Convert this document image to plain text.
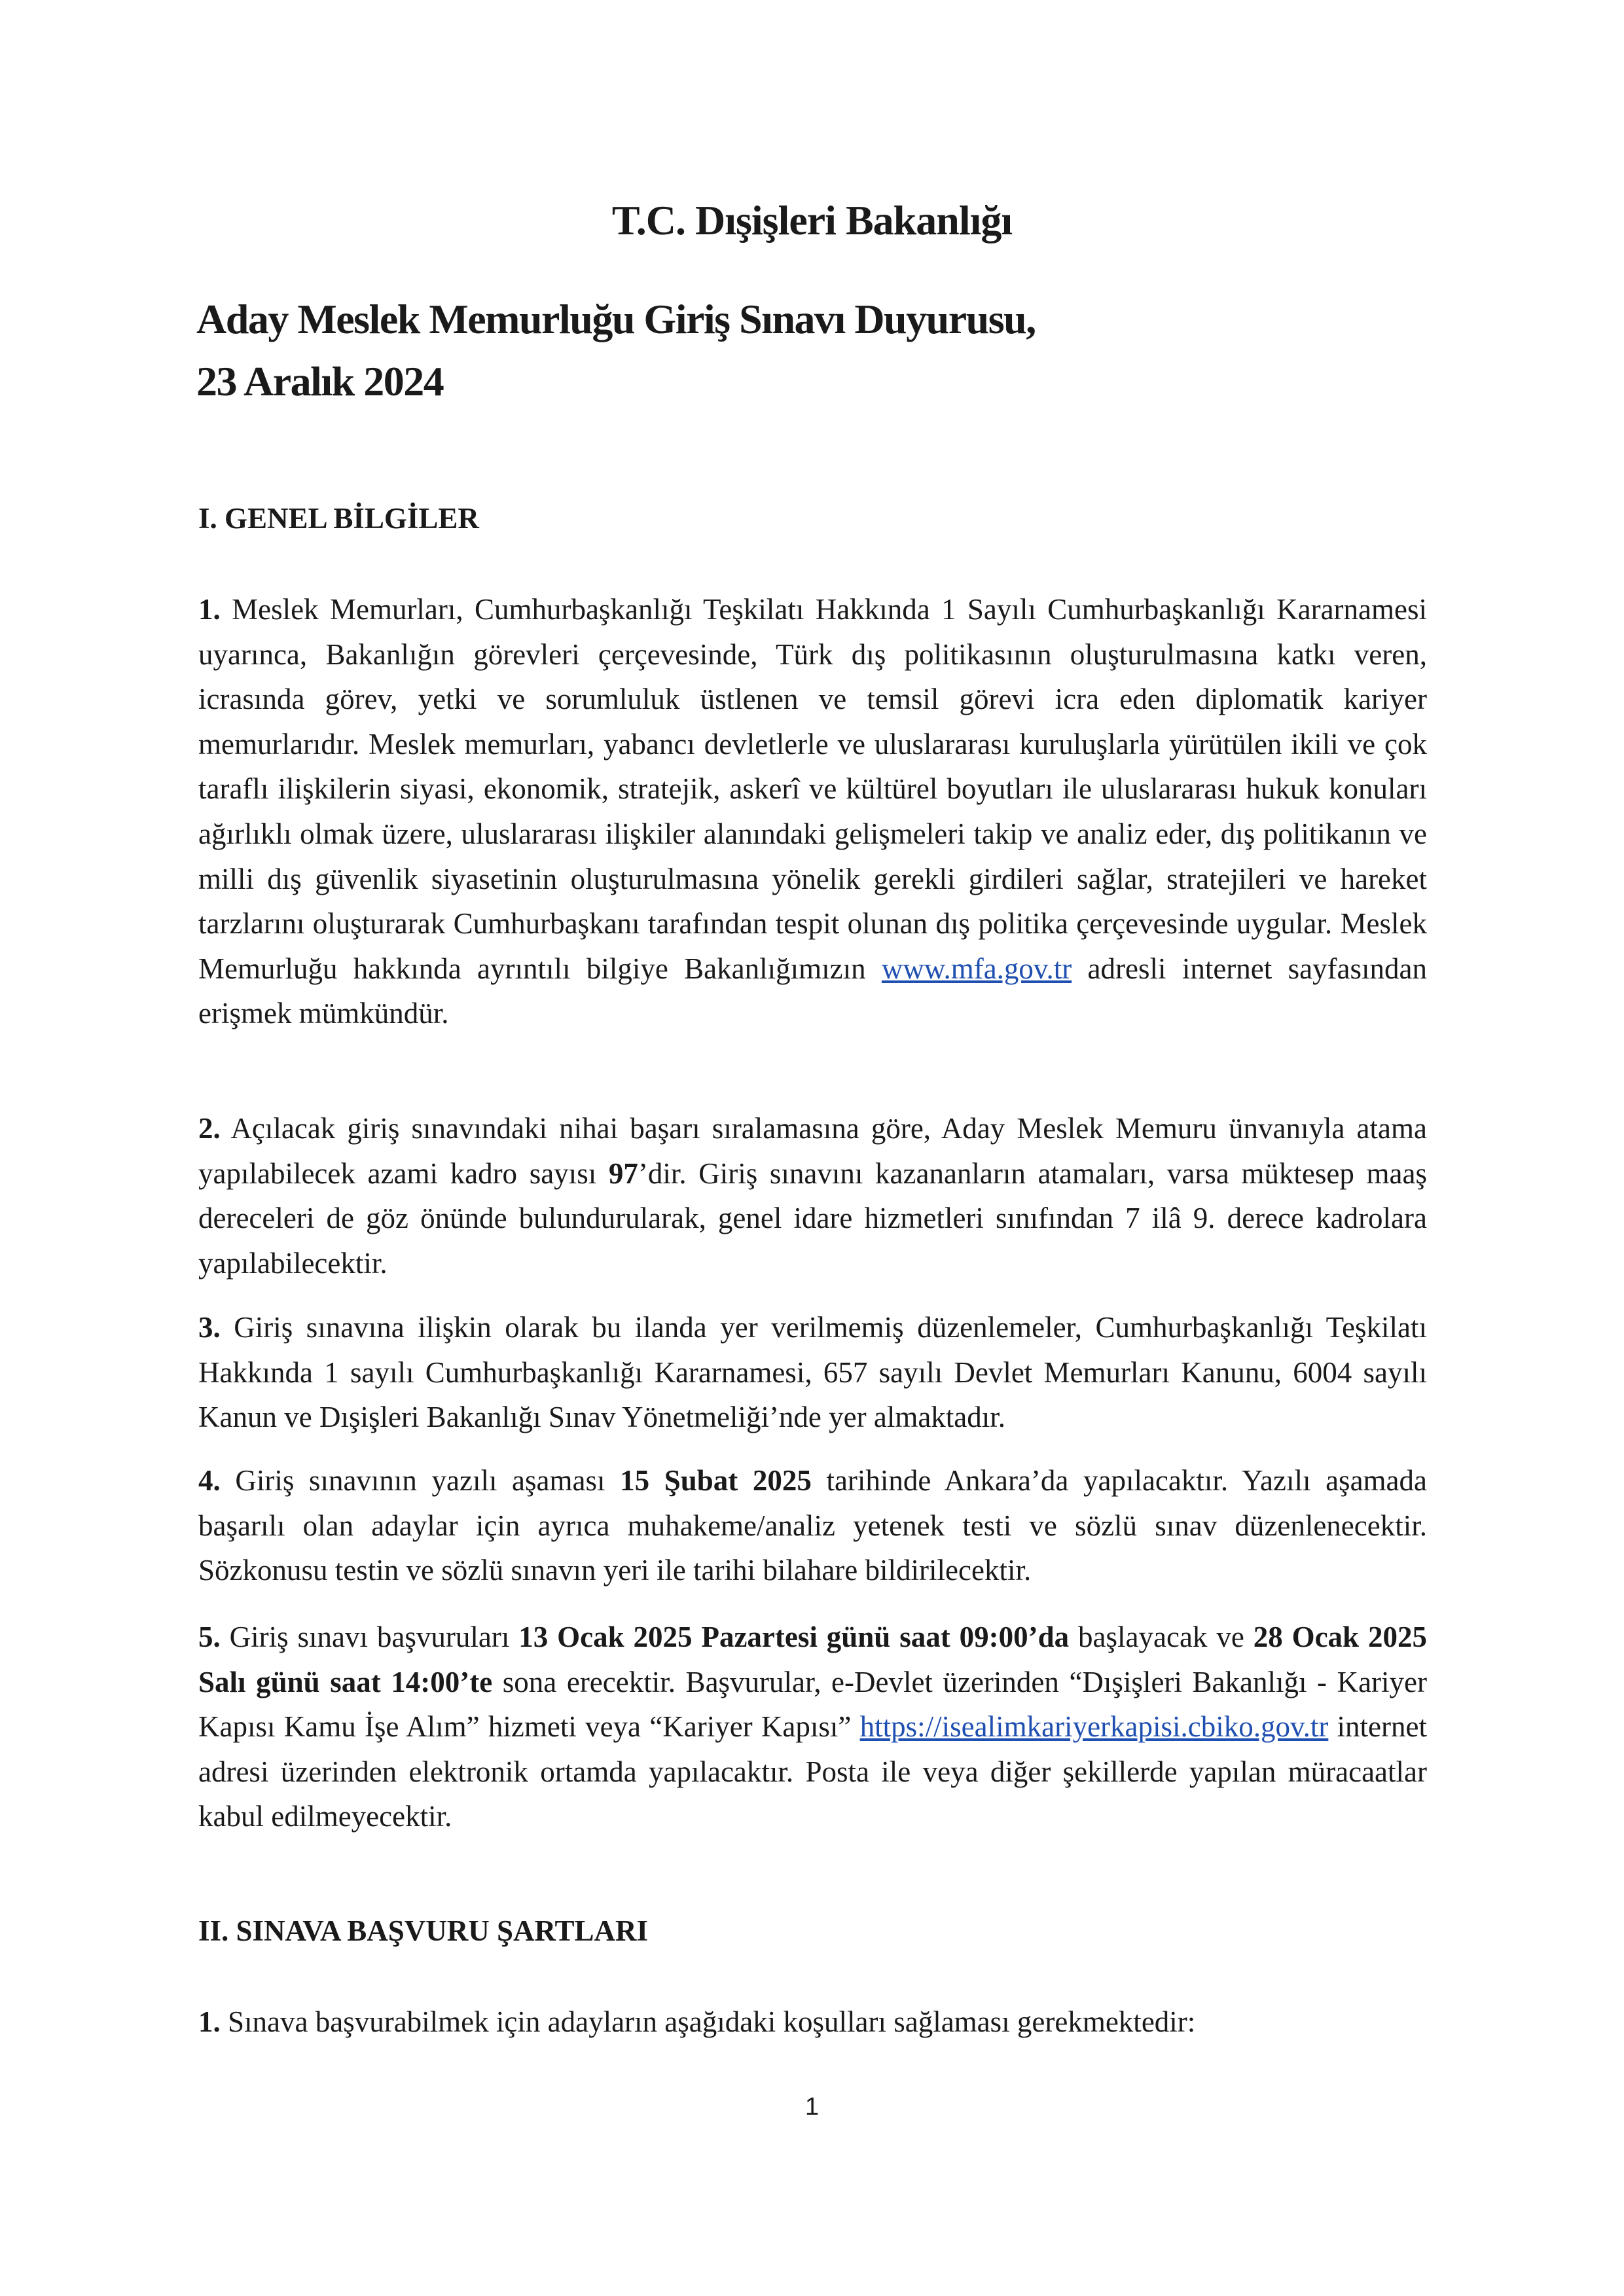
T.C. Dışişleri Bakanlığı
Aday Meslek Memurluğu Giriş Sınavı Duyurusu,
23 Aralık 2024
I. GENEL BİLGİLER

1. Meslek Memurları, Cumhurbaşkanlığı Teşkilatı Hakkında 1 Sayılı Cumhurbaşkanlığı Kararnamesi uyarınca, Bakanlığın görevleri çerçevesinde, Türk dış politikasının oluşturulmasına katkı veren, icrasında görev, yetki ve sorumluluk üstlenen ve temsil görevi icra eden diplomatik kariyer memurlarıdır. Meslek memurları, yabancı devletlerle ve uluslararası kuruluşlarla yürütülen ikili ve çok taraflı ilişkilerin siyasi, ekonomik, stratejik, askerî ve kültürel boyutları ile uluslararası hukuk konuları ağırlıklı olmak üzere, uluslararası ilişkiler alanındaki gelişmeleri takip ve analiz eder, dış politikanın ve milli dış güvenlik siyasetinin oluşturulmasına yönelik gerekli girdileri sağlar, stratejileri ve hareket tarzlarını oluşturarak Cumhurbaşkanı tarafından tespit olunan dış politika çerçevesinde uygular. Meslek Memurluğu hakkında ayrıntılı bilgiye Bakanlığımızın www.mfa.gov.tr adresli internet sayfasından erişmek mümkündür.

2. Açılacak giriş sınavındaki nihai başarı sıralamasına göre, Aday Meslek Memuru ünvanıyla atama yapılabilecek azami kadro sayısı 97’dir. Giriş sınavını kazananların atamaları, varsa müktesep maaş dereceleri de göz önünde bulundurularak, genel idare hizmetleri sınıfından 7 ilâ 9. derece kadrolara yapılabilecektir.

3. Giriş sınavına ilişkin olarak bu ilanda yer verilmemiş düzenlemeler, Cumhurbaşkanlığı Teşkilatı Hakkında 1 sayılı Cumhurbaşkanlığı Kararnamesi, 657 sayılı Devlet Memurları Kanunu, 6004 sayılı Kanun ve Dışişleri Bakanlığı Sınav Yönetmeliği’nde yer almaktadır.

4. Giriş sınavının yazılı aşaması 15 Şubat 2025 tarihinde Ankara’da yapılacaktır. Yazılı aşamada başarılı olan adaylar için ayrıca muhakeme/analiz yetenek testi ve sözlü sınav düzenlenecektir. Sözkonusu testin ve sözlü sınavın yeri ile tarihi bilahare bildirilecektir.

5. Giriş sınavı başvuruları 13 Ocak 2025 Pazartesi günü saat 09:00’da başlayacak ve 28 Ocak 2025 Salı günü saat 14:00’te sona erecektir. Başvurular, e-Devlet üzerinden “Dışişleri Bakanlığı - Kariyer Kapısı Kamu İşe Alım” hizmeti veya “Kariyer Kapısı” https://isealimkariyerkapisi.cbiko.gov.tr internet adresi üzerinden elektronik ortamda yapılacaktır. Posta ile veya diğer şekillerde yapılan müracaatlar kabul edilmeyecektir.

II. SINAVA BAŞVURU ŞARTLARI

1. Sınava başvurabilmek için adayların aşağıdaki koşulları sağlaması gerekmektedir:

1
